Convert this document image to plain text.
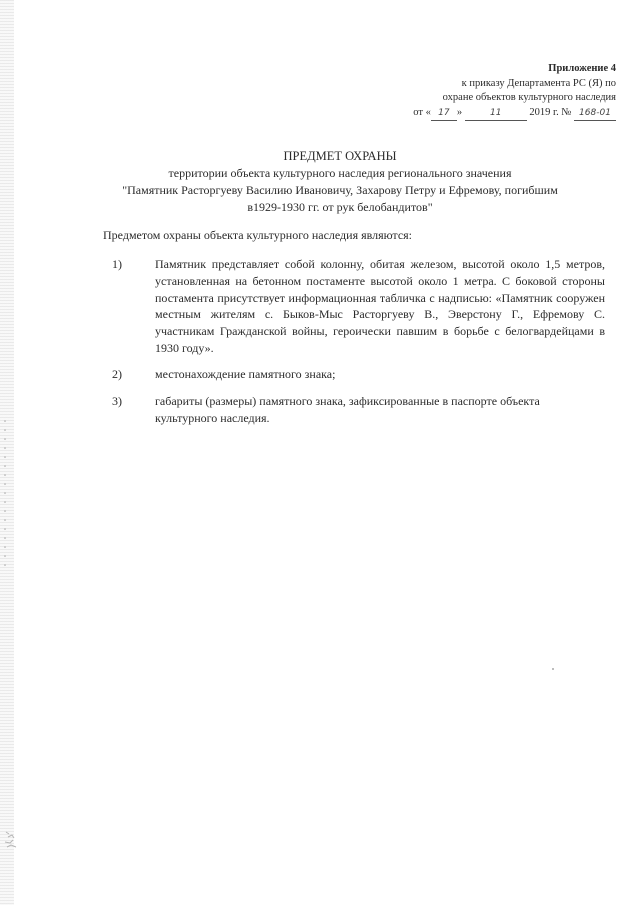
Приложение 4
к приказу Департамента РС (Я) по
охране объектов культурного наследия
от « 17 »	11	2019 г. № 168-01
ПРЕДМЕТ ОХРАНЫ
территории объекта культурного наследия регионального значения
"Памятник Расторгуеву Василию Ивановичу, Захарову Петру и Ефремову, погибшим
в1929-1930 гг. от рук белобандитов"
Предметом охраны объекта культурного наследия являются:
1)	Памятник представляет собой колонну, обитая железом, высотой около 1,5 метров, установленная на бетонном постаменте высотой около 1 метра. С боковой стороны постамента присутствует информационная табличка с надписью: «Памятник сооружен местным жителям с. Быков-Мыс Расторгуеву В., Эверстону Г., Ефремову С. участникам Гражданской войны, героически павшим в борьбе с белогвардейцами в 1930 году».
2)	местонахождение памятного знака;
3)	габариты (размеры) памятного знака, зафиксированные в паспорте объекта культурного наследия.
